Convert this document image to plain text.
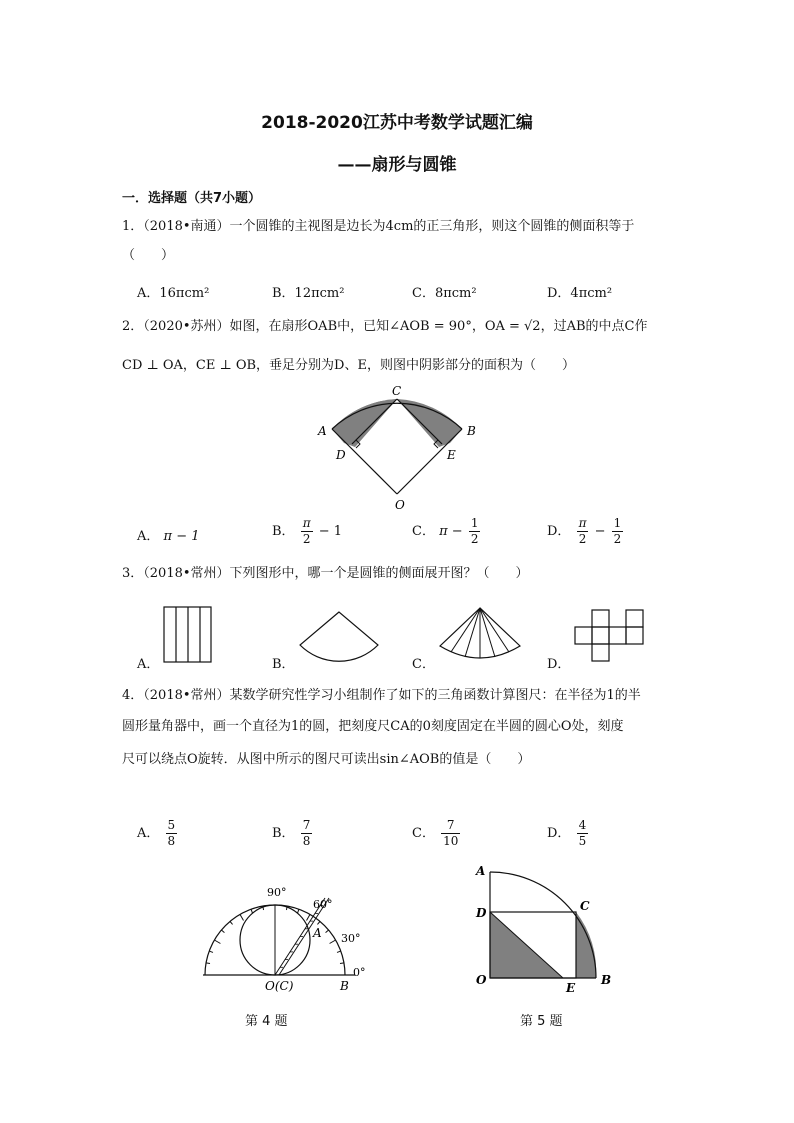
2018-2020江苏中考数学试题汇编
——扇形与圆锥
一．选择题（共7小题）
1．（2018•南通）一个圆锥的主视图是边长为4cm的正三角形，则这个圆锥的侧面积等于
（　　）
A．16πcm²	B．12πcm²	C．8πcm²	D．4πcm²
2．（2020•苏州）如图，在扇形OAB中，已知∠AOB = 90°，OA = √2，过AB的中点C作
CD ⊥ OA，CE ⊥ OB，垂足分别为D、E，则图中阴影部分的面积为（　　）
C
A	B
D	E
O
A． π − 1	B． $\frac{\pi}{2} - 1$	C． $\pi - \frac{1}{2}$	D． $\frac{\pi}{2} - \frac{1}{2}$
3．（2018•常州）下列图形中，哪一个是圆锥的侧面展开图？（　　）
A．	B．	C．	D．
4．（2018•常州）某数学研究性学习小组制作了如下的三角函数计算图尺：在半径为1的半
圆形量角器中，画一个直径为1的圆，把刻度尺CA的0刻度固定在半圆的圆心O处，刻度
尺可以绕点O旋转．从图中所示的图尺可读出sin∠AOB的值是（　　）
A． $\frac{5}{8}$	B． $\frac{7}{8}$	C． $\frac{7}{10}$	D． $\frac{4}{5}$
90°
60°
30°
0°
A
O(C)	B
第 4 题
A
D	C
O
E
B
第 5 题
